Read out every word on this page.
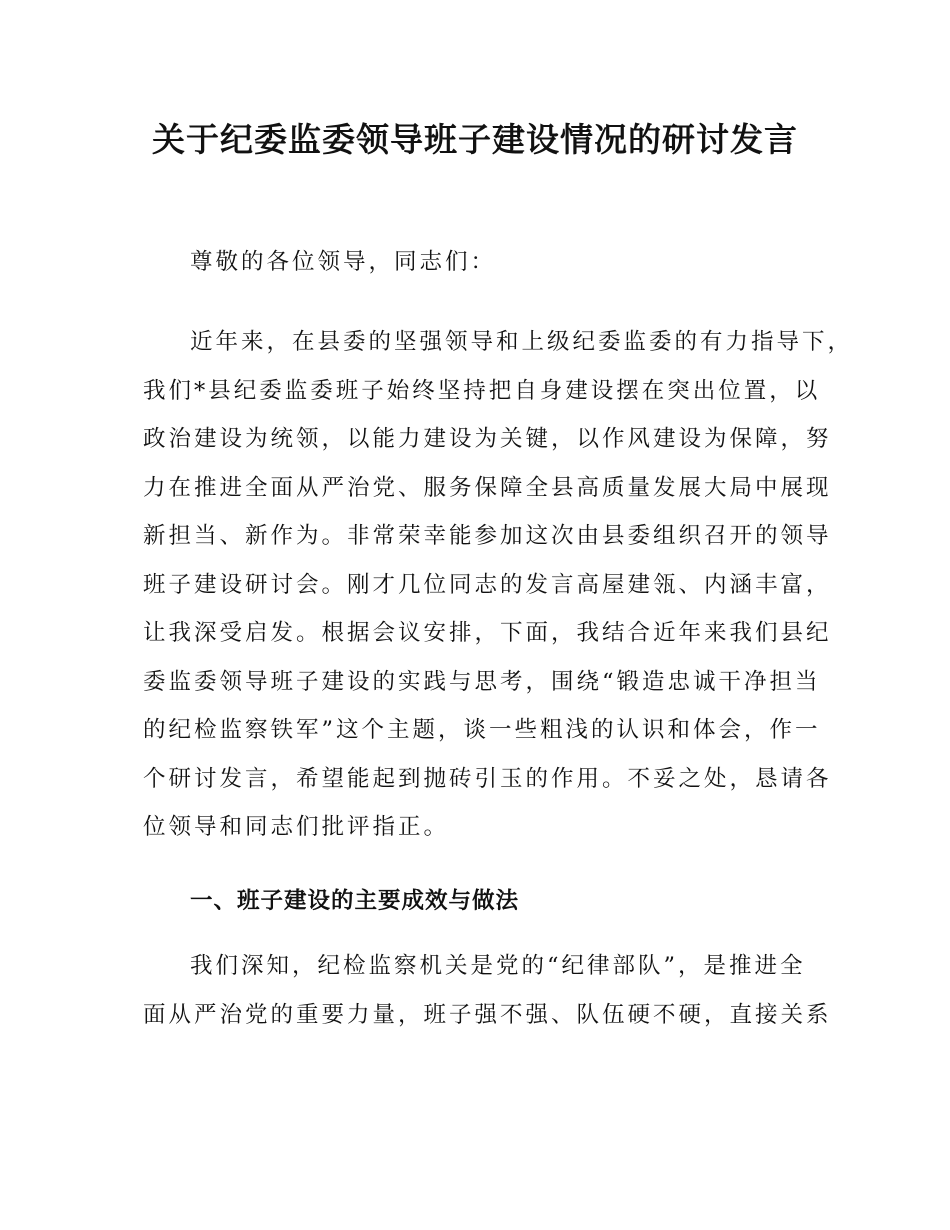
关于纪委监委领导班子建设情况的研讨发言

尊敬的各位领导，同志们：

近年来，在县委的坚强领导和上级纪委监委的有力指导下，
我们*县纪委监委班子始终坚持把自身建设摆在突出位置，以
政治建设为统领，以能力建设为关键，以作风建设为保障，努
力在推进全面从严治党、服务保障全县高质量发展大局中展现
新担当、新作为。非常荣幸能参加这次由县委组织召开的领导
班子建设研讨会。刚才几位同志的发言高屋建瓴、内涵丰富，
让我深受启发。根据会议安排，下面，我结合近年来我们县纪
委监委领导班子建设的实践与思考，围绕“锻造忠诚干净担当
的纪检监察铁军”这个主题，谈一些粗浅的认识和体会，作一
个研讨发言，希望能起到抛砖引玉的作用。不妥之处，恳请各
位领导和同志们批评指正。
一、班子建设的主要成效与做法
我们深知，纪检监察机关是党的“纪律部队”，是推进全
面从严治党的重要力量，班子强不强、队伍硬不硬，直接关系
